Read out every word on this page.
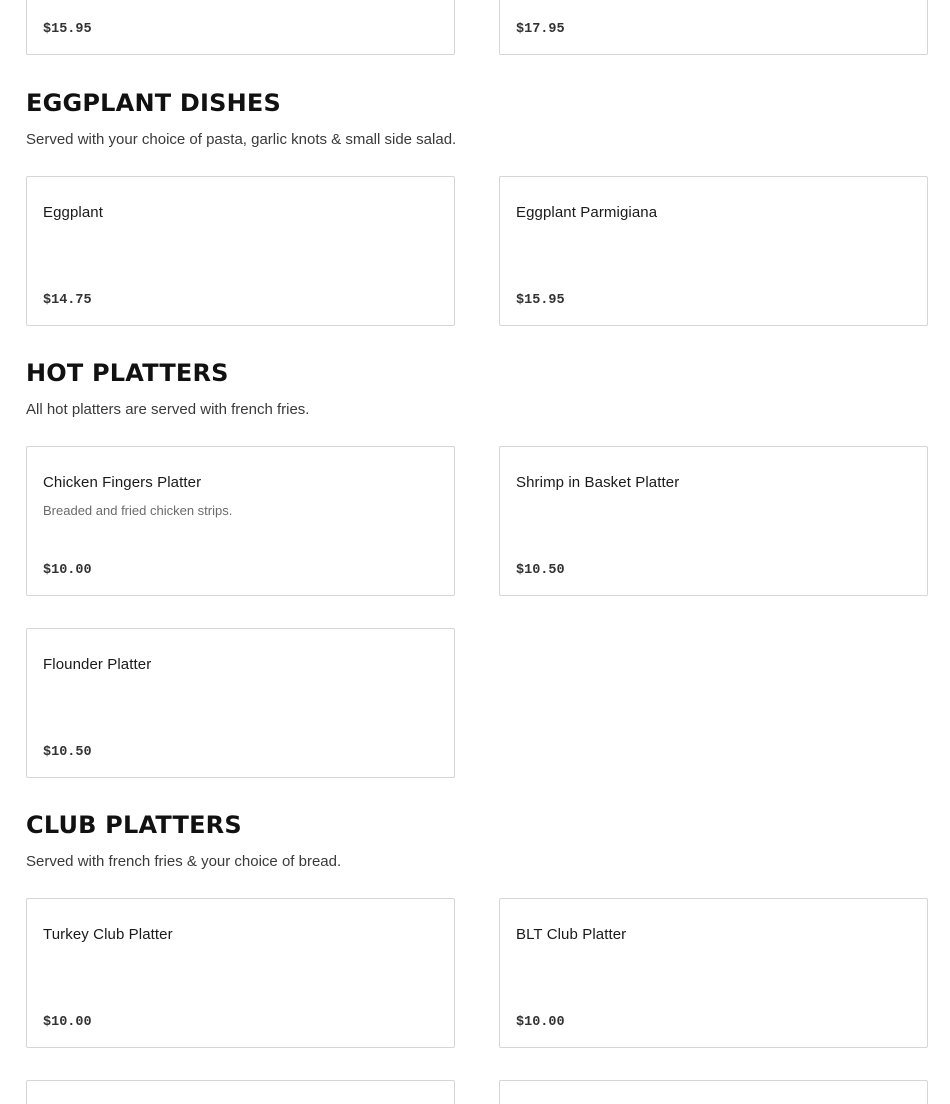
$15.95	$17.95
EGGPLANT DISHES
Served with your choice of pasta, garlic knots & small side salad.
Eggplant
$14.75
Eggplant Parmigiana
$15.95
HOT PLATTERS
All hot platters are served with french fries.
Chicken Fingers Platter
Breaded and fried chicken strips.
$10.00
Shrimp in Basket Platter
$10.50
Flounder Platter
$10.50
CLUB PLATTERS
Served with french fries & your choice of bread.
Turkey Club Platter
$10.00
BLT Club Platter
$10.00
